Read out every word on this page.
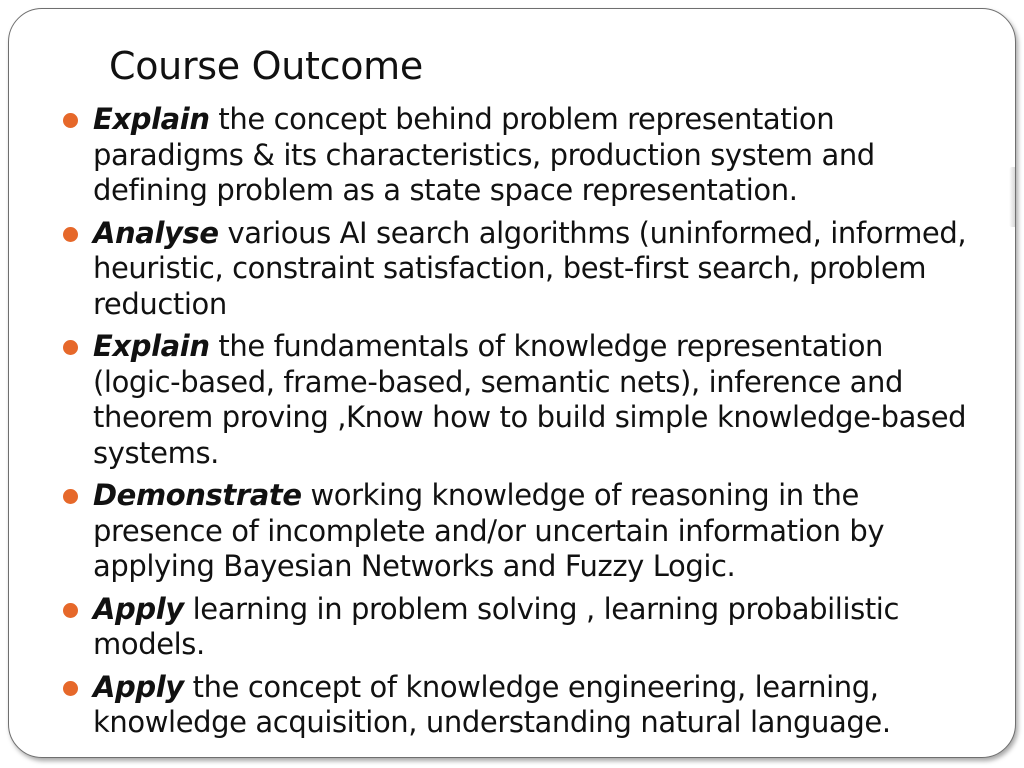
Course Outcome
Explain the concept behind problem representation paradigms & its characteristics, production system and defining problem as a state space representation.
Analyse various AI search algorithms (uninformed, informed, heuristic, constraint satisfaction, best-first search, problem reduction
Explain the fundamentals of knowledge representation (logic-based, frame-based, semantic nets), inference and theorem proving ,Know how to build simple knowledge-based systems.
Demonstrate working knowledge of reasoning in the presence of incomplete and/or uncertain information by applying Bayesian Networks and Fuzzy Logic.
Apply learning in problem solving , learning probabilistic models.
Apply the concept of knowledge engineering, learning, knowledge acquisition, understanding natural language.
